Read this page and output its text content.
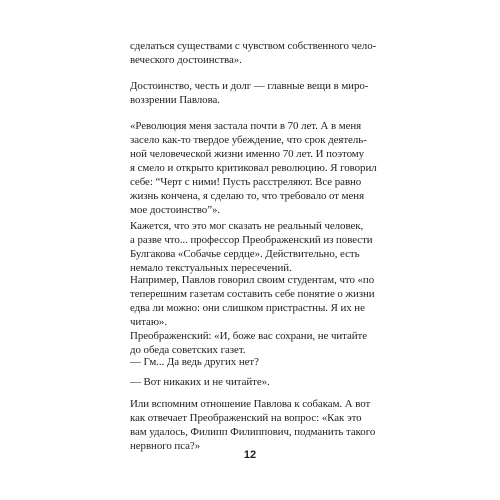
сделаться существами с чувством собственного чело-
веческого достоинства».
Достоинство, честь и долг — главные вещи в миро-
воззрении Павлова.
«Революция меня застала почти в 70 лет. А в меня
засело как-то твердое убеждение, что срок деятель-
ной человеческой жизни именно 70 лет. И поэтому
я смело и открыто критиковал революцию. Я говорил
себе: “Черт с ними! Пусть расстреляют. Все равно
жизнь кончена, я сделаю то, что требовало от меня
мое достоинство”».
Кажется, что это мог сказать не реальный человек,
а разве что... профессор Преображенский из повести
Булгакова «Собачье сердце». Действительно, есть
немало текстуальных пересечений.
Например, Павлов говорил своим студентам, что «по
теперешним газетам составить себе понятие о жизни
едва ли можно: они слишком пристрастны. Я их не
читаю».
Преображенский: «И, боже вас сохрани, не читайте
до обеда советских газет.
— Гм... Да ведь других нет?
— Вот никаких и не читайте».
Или вспомним отношение Павлова к собакам. А вот
как отвечает Преображенский на вопрос: «Как это
вам удалось, Филипп Филиппович, подманить такого
нервного пса?»
12
